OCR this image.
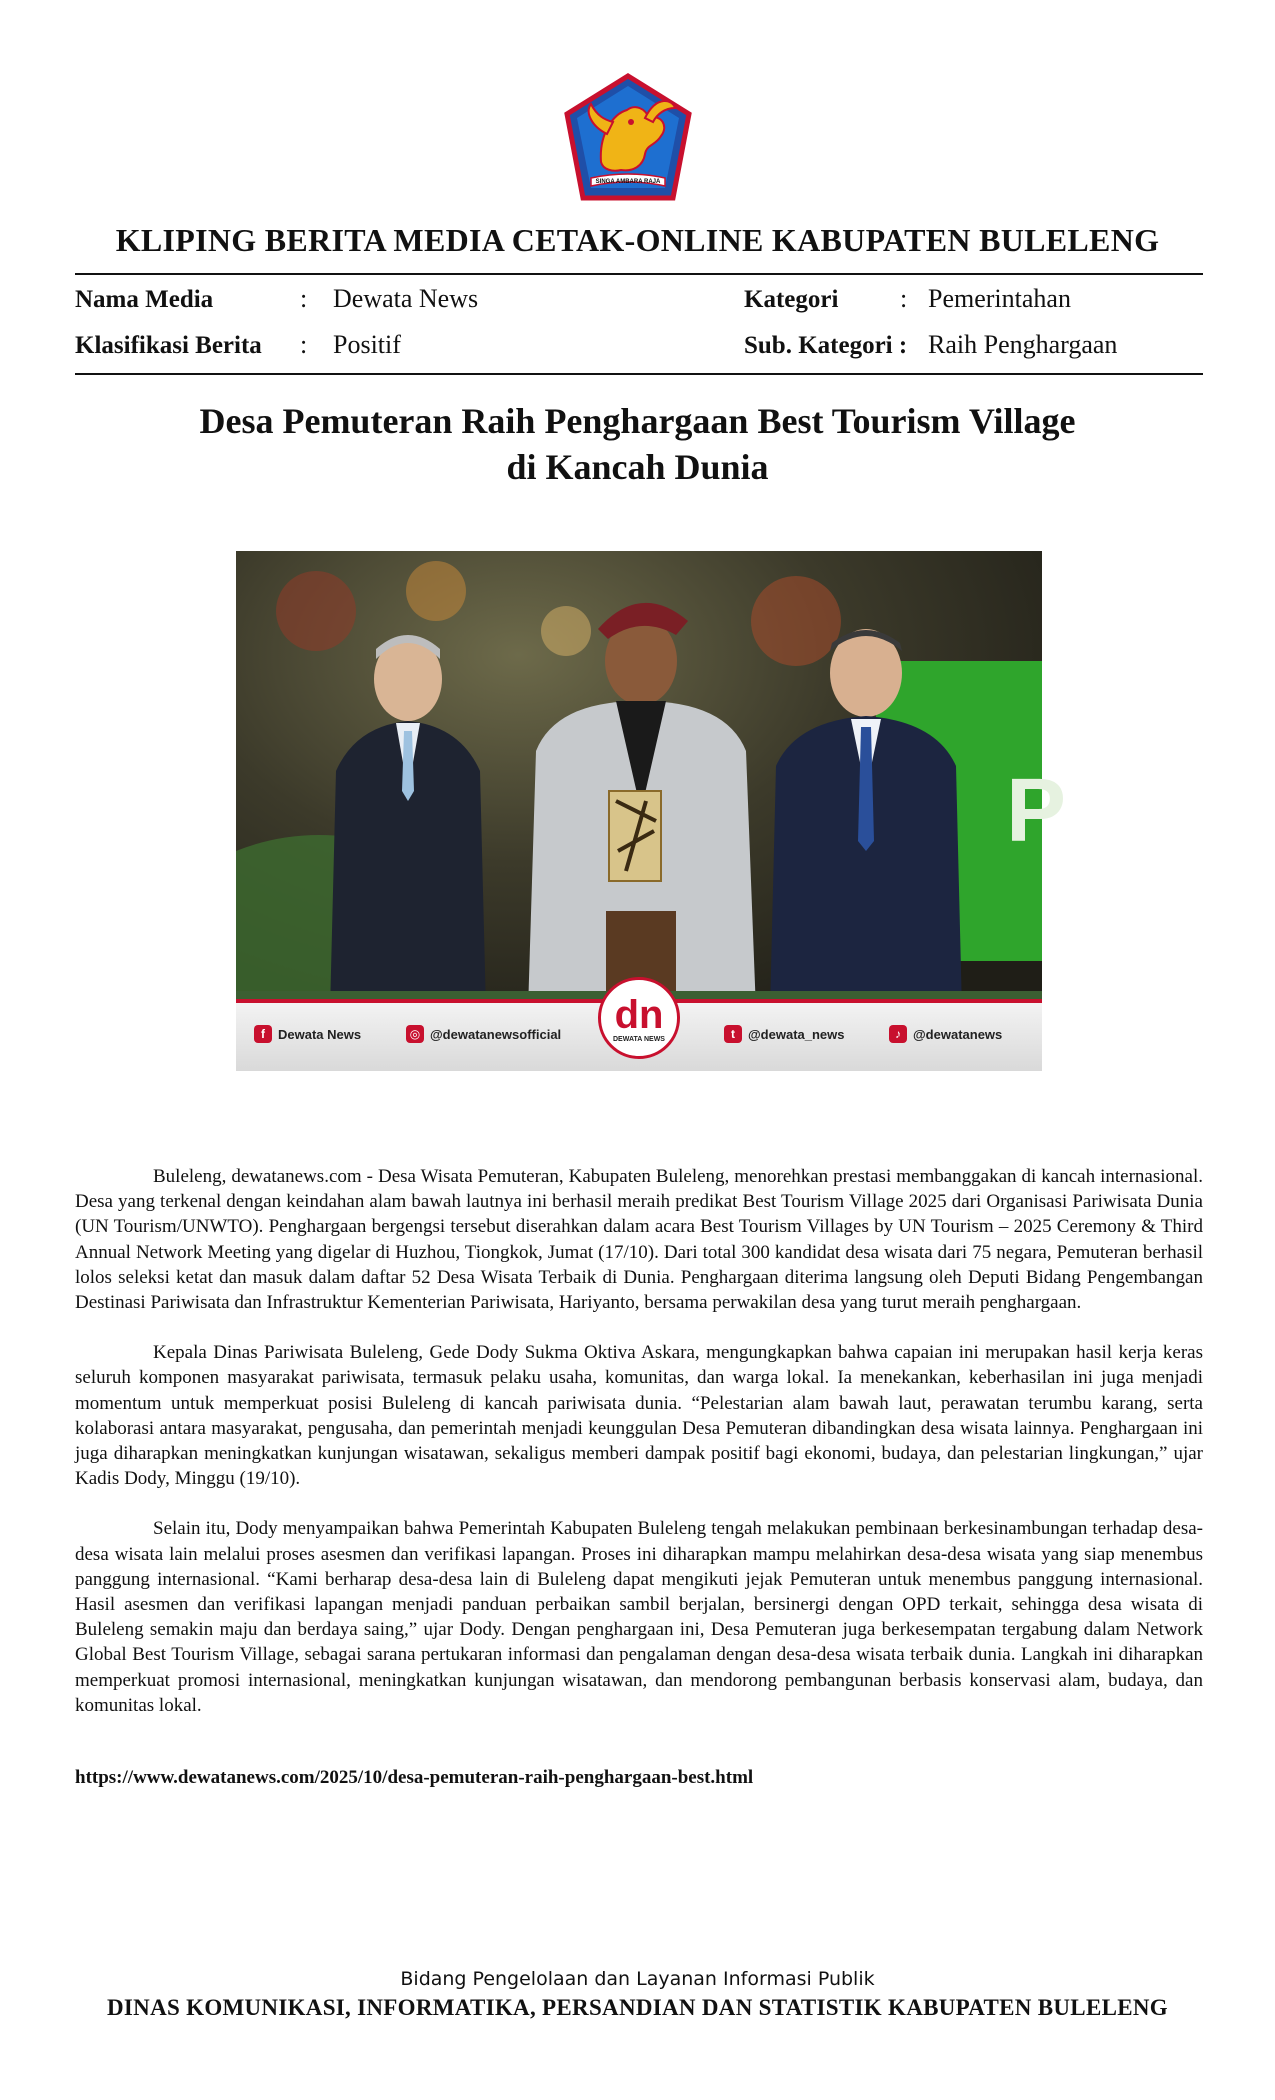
SINGA AMBARA RAJA
KLIPING BERITA MEDIA CETAK-ONLINE KABUPATEN BULELENG
Nama Media	: Dewata News
Klasifikasi Berita : Positif
Kategori : Pemerintahan
Sub. Kategori : Raih Penghargaan
Desa Pemuteran Raih Penghargaan Best Tourism Village
di Kancah Dunia
P
f	Dewata News	◎ @dewatanewsofficial	dn
DEWATA NEWS	t	@dewata_news	♪ @dewatanews

Buleleng, dewatanews.com - Desa Wisata Pemuteran, Kabupaten Buleleng, menorehkan prestasi membanggakan di kancah internasional. Desa yang terkenal dengan keindahan alam bawah lautnya ini berhasil meraih predikat Best Tourism Village 2025 dari Organisasi Pariwisata Dunia (UN Tourism/UNWTO). Penghargaan bergengsi tersebut diserahkan dalam acara Best Tourism Villages by UN Tourism – 2025 Ceremony & Third Annual Network Meeting yang digelar di Huzhou, Tiongkok, Jumat (17/10). Dari total 300 kandidat desa wisata dari 75 negara, Pemuteran berhasil lolos seleksi ketat dan masuk dalam daftar 52 Desa Wisata Terbaik di Dunia. Penghargaan diterima langsung oleh Deputi Bidang Pengembangan Destinasi Pariwisata dan Infrastruktur Kementerian Pariwisata, Hariyanto, bersama perwakilan desa yang turut meraih penghargaan.

Kepala Dinas Pariwisata Buleleng, Gede Dody Sukma Oktiva Askara, mengungkapkan bahwa capaian ini merupakan hasil kerja keras seluruh komponen masyarakat pariwisata, termasuk pelaku usaha, komunitas, dan warga lokal. Ia menekankan, keberhasilan ini juga menjadi momentum untuk memperkuat posisi Buleleng di kancah pariwisata dunia. “Pelestarian alam bawah laut, perawatan terumbu karang, serta kolaborasi antara masyarakat, pengusaha, dan pemerintah menjadi keunggulan Desa Pemuteran dibandingkan desa wisata lainnya. Penghargaan ini juga diharapkan meningkatkan kunjungan wisatawan, sekaligus memberi dampak positif bagi ekonomi, budaya, dan pelestarian lingkungan,” ujar Kadis Dody, Minggu (19/10).

Selain itu, Dody menyampaikan bahwa Pemerintah Kabupaten Buleleng tengah melakukan pembinaan berkesinambungan terhadap desa-desa wisata lain melalui proses asesmen dan verifikasi lapangan. Proses ini diharapkan mampu melahirkan desa-desa wisata yang siap menembus panggung internasional. “Kami berharap desa-desa lain di Buleleng dapat mengikuti jejak Pemuteran untuk menembus panggung internasional. Hasil asesmen dan verifikasi lapangan menjadi panduan perbaikan sambil berjalan, bersinergi dengan OPD terkait, sehingga desa wisata di Buleleng semakin maju dan berdaya saing,” ujar Dody. Dengan penghargaan ini, Desa Pemuteran juga berkesempatan tergabung dalam Network Global Best Tourism Village, sebagai sarana pertukaran informasi dan pengalaman dengan desa-desa wisata terbaik dunia. Langkah ini diharapkan memperkuat promosi internasional, meningkatkan kunjungan wisatawan, dan mendorong pembangunan berbasis konservasi alam, budaya, dan komunitas lokal.

https://www.dewatanews.com/2025/10/desa-pemuteran-raih-penghargaan-best.html
Bidang Pengelolaan dan Layanan Informasi Publik
DINAS KOMUNIKASI, INFORMATIKA, PERSANDIAN DAN STATISTIK KABUPATEN BULELENG
